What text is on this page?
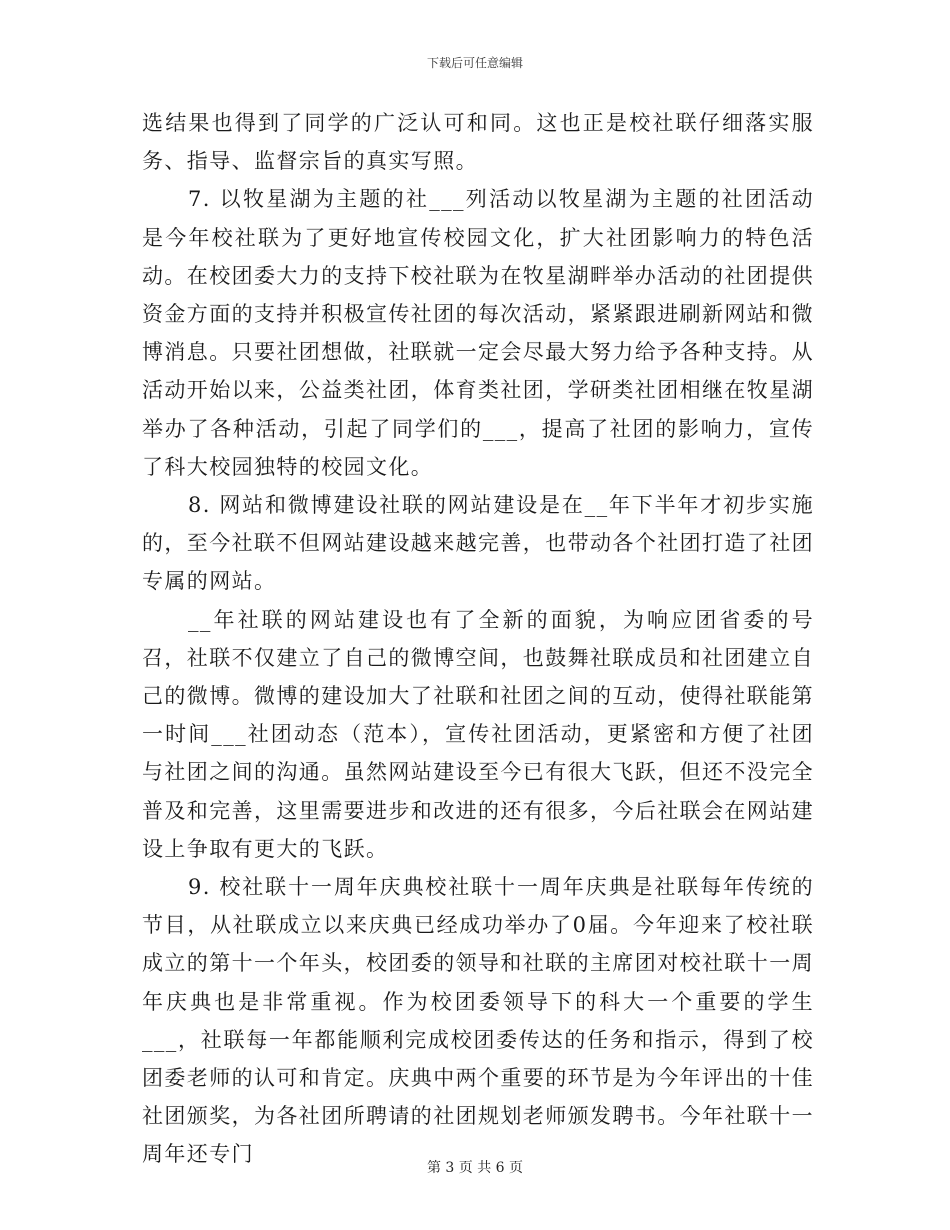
下载后可任意编辑

选结果也得到了同学的广泛认可和同。这也正是校社联仔细落实服务、指导、监督宗旨的真实写照。

7. 以牧星湖为主题的社___列活动以牧星湖为主题的社团活动是今年校社联为了更好地宣传校园文化，扩大社团影响力的特色活动。在校团委大力的支持下校社联为在牧星湖畔举办活动的社团提供资金方面的支持并积极宣传社团的每次活动，紧紧跟进刷新网站和微博消息。只要社团想做，社联就一定会尽最大努力给予各种支持。从活动开始以来，公益类社团，体育类社团，学研类社团相继在牧星湖举办了各种活动，引起了同学们的___，提高了社团的影响力，宣传了科大校园独特的校园文化。

8. 网站和微博建设社联的网站建设是在__年下半年才初步实施的，至今社联不但网站建设越来越完善，也带动各个社团打造了社团专属的网站。

__年社联的网站建设也有了全新的面貌，为响应团省委的号召，社联不仅建立了自己的微博空间，也鼓舞社联成员和社团建立自己的微博。微博的建设加大了社联和社团之间的互动，使得社联能第一时间___社团动态（范本），宣传社团活动，更紧密和方便了社团与社团之间的沟通。虽然网站建设至今已有很大飞跃，但还不没完全普及和完善，这里需要进步和改进的还有很多，今后社联会在网站建设上争取有更大的飞跃。

9. 校社联十一周年庆典校社联十一周年庆典是社联每年传统的节目，从社联成立以来庆典已经成功举办了0届。今年迎来了校社联成立的第十一个年头，校团委的领导和社联的主席团对校社联十一周年庆典也是非常重视。作为校团委领导下的科大一个重要的学生___，社联每一年都能顺利完成校团委传达的任务和指示，得到了校团委老师的认可和肯定。庆典中两个重要的环节是为今年评出的十佳社团颁奖，为各社团所聘请的社团规划老师颁发聘书。今年社联十一周年还专门

第 3 页 共 6 页
